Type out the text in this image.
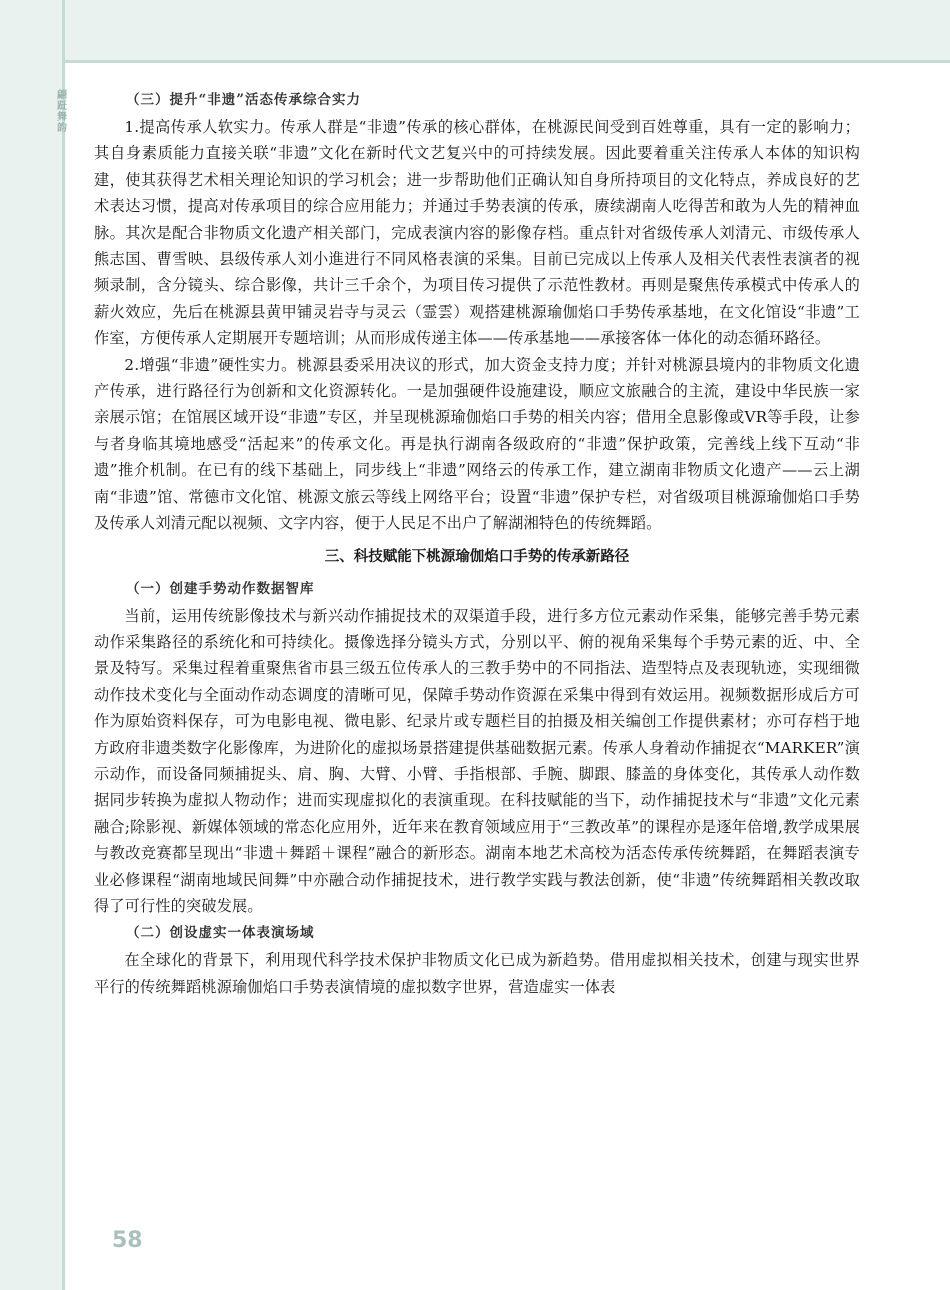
翩跹舞韵

（三）提升“非遗”活态传承综合实力

1.提高传承人软实力。传承人群是“非遗”传承的核心群体，在桃源民间受到百姓尊重，具有一定的影响力；其自身素质能力直接关联“非遗”文化在新时代文艺复兴中的可持续发展。因此要着重关注传承人本体的知识构建，使其获得艺术相关理论知识的学习机会；进一步帮助他们正确认知自身所持项目的文化特点，养成良好的艺术表达习惯，提高对传承项目的综合应用能力；并通过手势表演的传承，赓续湖南人吃得苦和敢为人先的精神血脉。其次是配合非物质文化遗产相关部门，完成表演内容的影像存档。重点针对省级传承人刘清元、市级传承人熊志国、曹雪映、县级传承人刘小進进行不同风格表演的采集。目前已完成以上传承人及相关代表性表演者的视频录制，含分镜头、综合影像，共计三千余个，为项目传习提供了示范性教材。再则是聚焦传承模式中传承人的薪火效应，先后在桃源县黄甲铺灵岩寺与灵云（霊雲）观搭建桃源瑜伽焰口手势传承基地，在文化馆设“非遗”工作室，方便传承人定期展开专题培训；从而形成传递主体——传承基地——承接客体一体化的动态循环路径。

2.增强“非遗”硬性实力。桃源县委采用决议的形式，加大资金支持力度；并针对桃源县境内的非物质文化遗产传承，进行路径行为创新和文化资源转化。一是加强硬件设施建设，顺应文旅融合的主流，建设中华民族一家亲展示馆；在馆展区域开设“非遗”专区，并呈现桃源瑜伽焰口手势的相关内容；借用全息影像或VR等手段，让参与者身临其境地感受“活起来”的传承文化。再是执行湖南各级政府的“非遗”保护政策，完善线上线下互动“非遗”推介机制。在已有的线下基础上，同步线上“非遗”网络云的传承工作，建立湖南非物质文化遗产——云上湖南“非遗”馆、常德市文化馆、桃源文旅云等线上网络平台；设置“非遗”保护专栏，对省级项目桃源瑜伽焰口手势及传承人刘清元配以视频、文字内容，便于人民足不出户了解湖湘特色的传统舞蹈。

三、科技赋能下桃源瑜伽焰口手势的传承新路径

（一）创建手势动作数据智库

当前，运用传统影像技术与新兴动作捕捉技术的双渠道手段，进行多方位元素动作采集，能够完善手势元素动作采集路径的系统化和可持续化。摄像选择分镜头方式，分别以平、俯的视角采集每个手势元素的近、中、全景及特写。采集过程着重聚焦省市县三级五位传承人的三教手势中的不同指法、造型特点及表现轨迹，实现细微动作技术变化与全面动作动态调度的清晰可见，保障手势动作资源在采集中得到有效运用。视频数据形成后方可作为原始资料保存，可为电影电视、微电影、纪录片或专题栏目的拍摄及相关编创工作提供素材；亦可存档于地方政府非遗类数字化影像库，为进阶化的虚拟场景搭建提供基础数据元素。传承人身着动作捕捉衣“MARKER”演示动作，而设备同频捕捉头、肩、胸、大臂、小臂、手指根部、手腕、脚跟、膝盖的身体变化，其传承人动作数据同步转换为虚拟人物动作；进而实现虚拟化的表演重现。在科技赋能的当下，动作捕捉技术与“非遗”文化元素融合;除影视、新媒体领域的常态化应用外，近年来在教育领域应用于“三教改革”的课程亦是逐年倍增,教学成果展与教改竞赛都呈现出“非遗＋舞蹈＋课程”融合的新形态。湖南本地艺术高校为活态传承传统舞蹈，在舞蹈表演专业必修课程“湖南地域民间舞”中亦融合动作捕捉技术，进行教学实践与教法创新，使“非遗”传统舞蹈相关教改取得了可行性的突破发展。

（二）创设虚实一体表演场域

在全球化的背景下，利用现代科学技术保护非物质文化已成为新趋势。借用虚拟相关技术，创建与现实世界平行的传统舞蹈桃源瑜伽焰口手势表演情境的虚拟数字世界，营造虚实一体表

58
